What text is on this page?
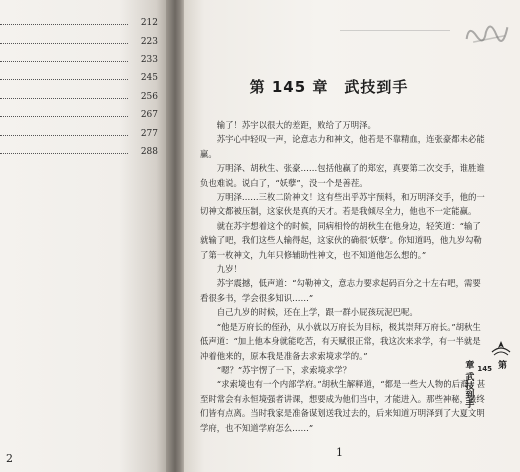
212
223
233
245
256
267
277
288
2
第 145 章　武技到手

输了！苏宇以很大的差距，败给了万明泽。

苏宇心中轻叹一声，论意志力和神文，他若是不靠精血，连张豪都未必能赢。

万明泽、胡秋生、张豪……包括他赢了的郑宏，真要第二次交手，谁胜谁负也难说。说白了，“妖孽”，没一个是善茬。

万明泽……三枚二阶神文！这有些出乎苏宇预料，和万明泽交手，他的一切神文都被压制，这家伙是真的天才。若是我倾尽全力，他也不一定能赢。

就在苏宇想着这个的时候，同病相怜的胡秋生在他身边，轻笑道：“输了就输了吧，我们这些人输得起，这家伙的确很‘妖孽’。你知道吗，他九岁勾勒了第一枚神文，九年只修辅助性神文，也不知道他怎么想的。”

九岁！

苏宇震撼，低声道：“勾勒神文，意志力要求起码百分之十左右吧，需要看很多书，学会很多知识……”

自己九岁的时候，还在上学，跟一群小屁孩玩泥巴呢。

“他是万府长的侄孙，从小就以万府长为目标，极其崇拜万府长。”胡秋生低声道：“加上他本身就能吃苦，有天赋很正常，我这次来求学，有一半就是冲着他来的，原本我是准备去求索境求学的。”

“嗯？”苏宇愣了一下，求索境求学？

“求索境也有一个内部学府。”胡秋生解释道，“都是一些大人物的后裔，甚至时常会有永恒境强者讲课，想要成为他们当中，才能进入。那些神秘，最终们皆有点离。当时我家是准备谋划送我过去的，后来知道万明泽到了大夏文明学府，也不知道学府怎么……”

第
145
章 武技到手
1
